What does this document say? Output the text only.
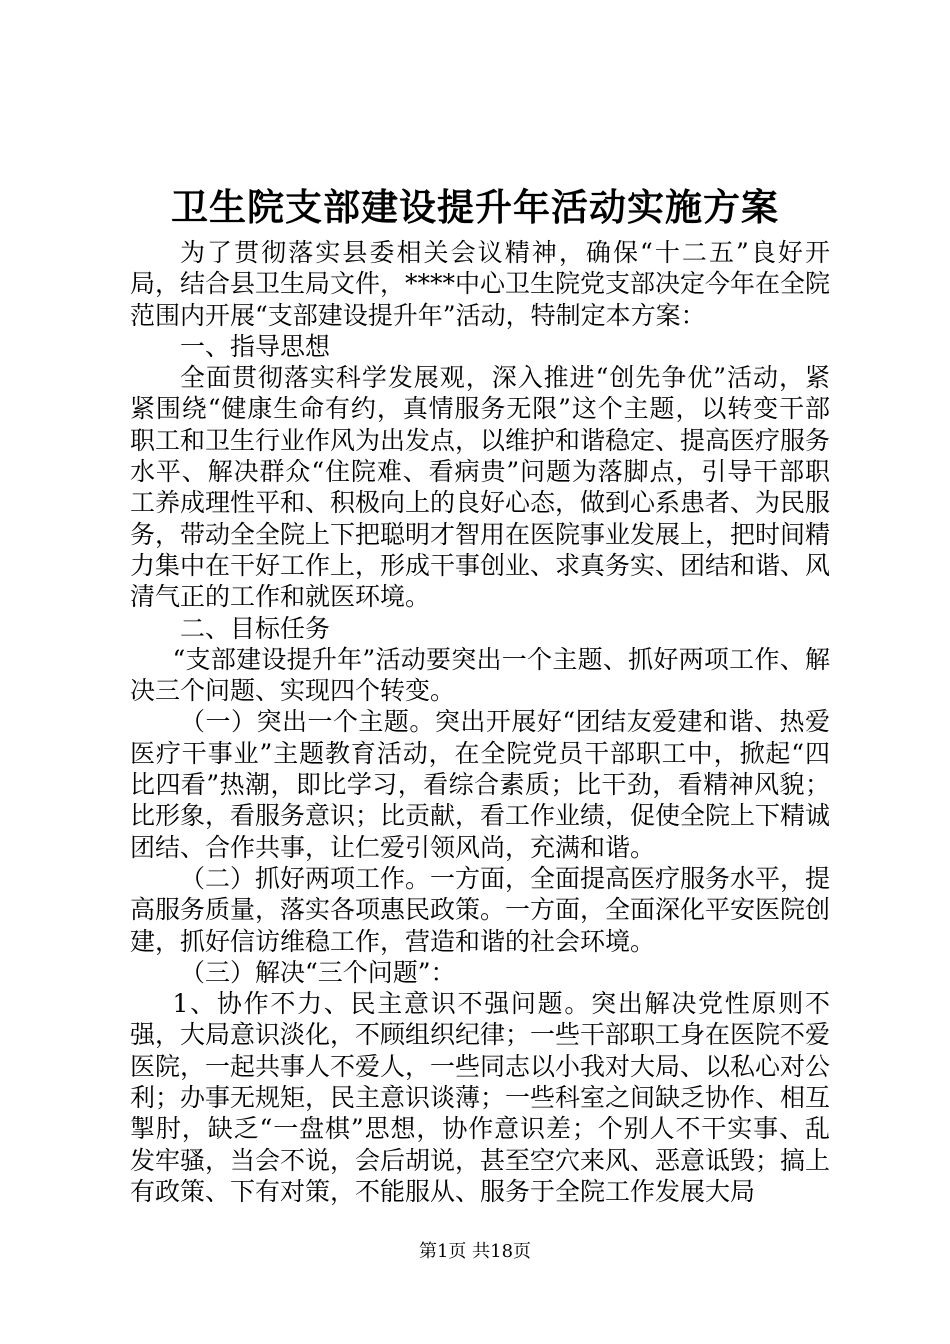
卫生院支部建设提升年活动实施方案

为了贯彻落实县委相关会议精神，确保“十二五”良好开局，结合县卫生局文件，****中心卫生院党支部决定今年在全院范围内开展“支部建设提升年”活动，特制定本方案：

一、指导思想

全面贯彻落实科学发展观，深入推进“创先争优”活动，紧紧围绕“健康生命有约，真情服务无限”这个主题，以转变干部职工和卫生行业作风为出发点，以维护和谐稳定、提高医疗服务水平、解决群众“住院难、看病贵”问题为落脚点，引导干部职工养成理性平和、积极向上的良好心态，做到心系患者、为民服务，带动全全院上下把聪明才智用在医院事业发展上，把时间精力集中在干好工作上，形成干事创业、求真务实、团结和谐、风清气正的工作和就医环境。

二、目标任务

“支部建设提升年”活动要突出一个主题、抓好两项工作、解决三个问题、实现四个转变。

（一）突出一个主题。突出开展好“团结友爱建和谐、热爱医疗干事业”主题教育活动，在全院党员干部职工中，掀起“四比四看”热潮，即比学习，看综合素质；比干劲，看精神风貌；比形象，看服务意识；比贡献，看工作业绩，促使全院上下精诚团结、合作共事，让仁爱引领风尚，充满和谐。

（二）抓好两项工作。一方面，全面提高医疗服务水平，提高服务质量，落实各项惠民政策。一方面，全面深化平安医院创建，抓好信访维稳工作，营造和谐的社会环境。

（三）解决“三个问题”：

1、协作不力、民主意识不强问题。突出解决党性原则不强，大局意识淡化，不顾组织纪律；一些干部职工身在医院不爱医院，一起共事人不爱人，一些同志以小我对大局、以私心对公利；办事无规矩，民主意识谈薄；一些科室之间缺乏协作、相互掣肘，缺乏“一盘棋”思想，协作意识差；个别人不干实事、乱发牢骚，当会不说，会后胡说，甚至空穴来风、恶意诋毁；搞上有政策、下有对策，不能服从、服务于全院工作发展大局

第1页 共18页
